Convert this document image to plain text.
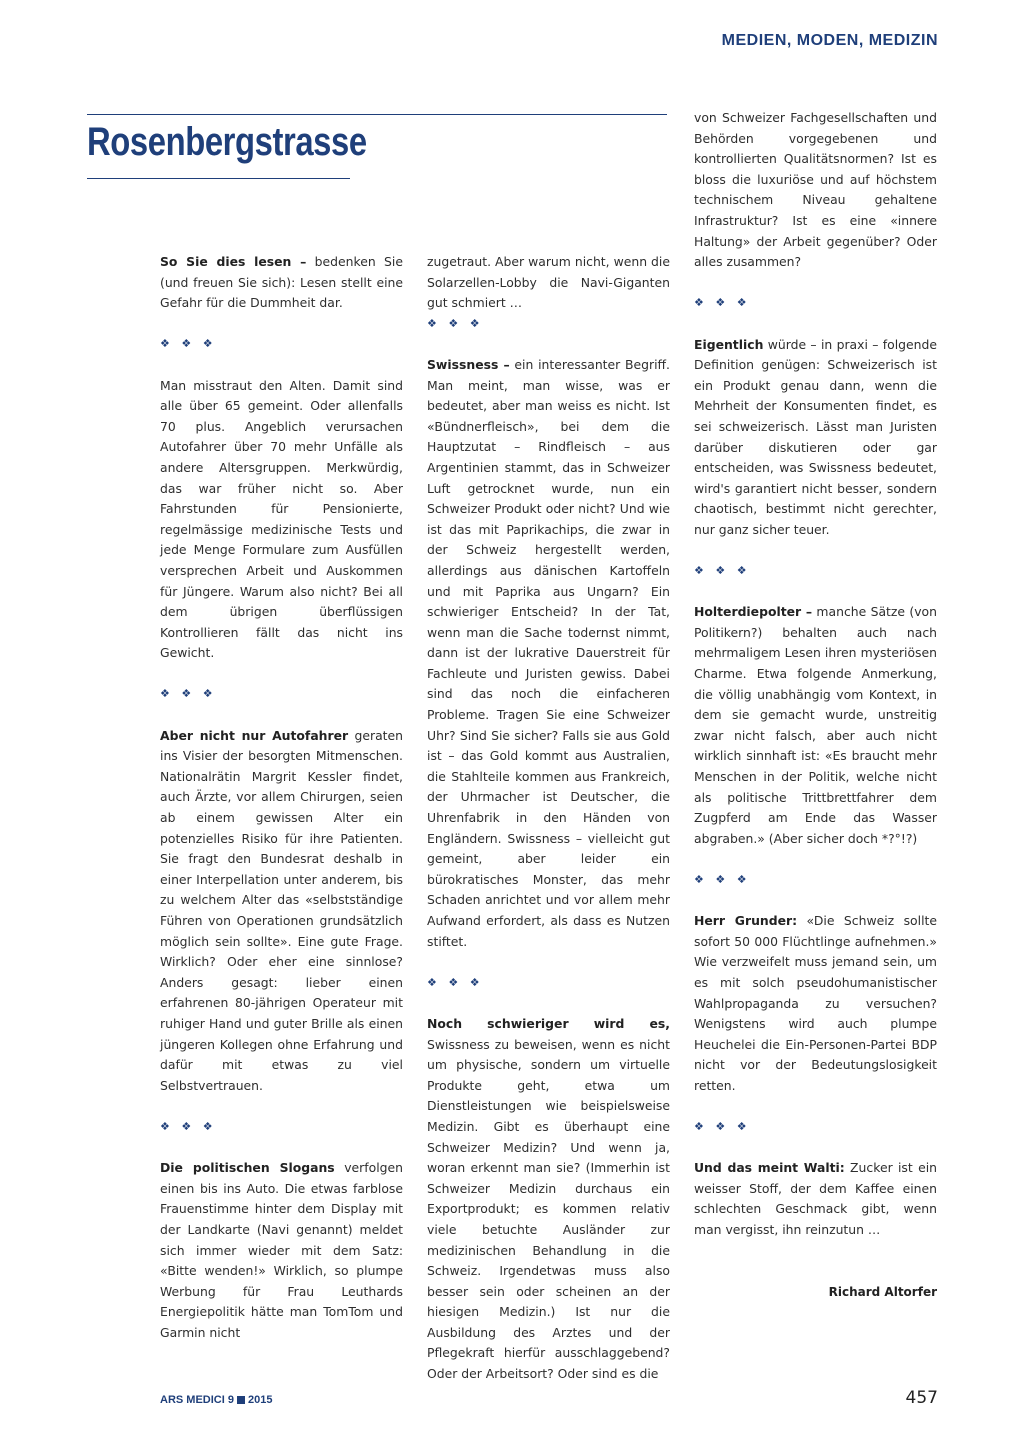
MEDIEN, MODEN, MEDIZIN
Rosenbergstrasse

So Sie dies lesen – bedenken Sie (und freuen Sie sich): Lesen stellt eine Gefahr für die Dummheit dar.

❖ ❖ ❖

Man misstraut den Alten. Damit sind alle über 65 gemeint. Oder allenfalls 70 plus. Angeblich verursachen Autofahrer über 70 mehr Unfälle als andere Altersgruppen. Merkwürdig, das war früher nicht so. Aber Fahrstunden für Pensionierte, regelmässige medizinische Tests und jede Menge Formulare zum Ausfüllen versprechen Arbeit und Auskommen für Jüngere. Warum also nicht? Bei all dem übrigen überflüssigen Kontrollieren fällt das nicht ins Gewicht.

❖ ❖ ❖

Aber nicht nur Autofahrer geraten ins Visier der besorgten Mitmenschen. Nationalrätin Margrit Kessler findet, auch Ärzte, vor allem Chirurgen, seien ab einem gewissen Alter ein potenzielles Risiko für ihre Patienten. Sie fragt den Bundesrat deshalb in einer Interpellation unter anderem, bis zu welchem Alter das «selbstständige Führen von Operationen grundsätzlich möglich sein sollte». Eine gute Frage. Wirklich? Oder eher eine sinnlose? Anders gesagt: lieber einen erfahrenen 80-jährigen Operateur mit ruhiger Hand und guter Brille als einen jüngeren Kollegen ohne Erfahrung und dafür mit etwas zu viel Selbstvertrauen.

❖ ❖ ❖

Die politischen Slogans verfolgen einen bis ins Auto. Die etwas farblose Frauenstimme hinter dem Display mit der Landkarte (Navi genannt) meldet sich immer wieder mit dem Satz: «Bitte wenden!» Wirklich, so plumpe Werbung für Frau Leuthards Energiepolitik hätte man TomTom und Garmin nicht

zugetraut. Aber warum nicht, wenn die Solarzellen-Lobby die Navi-Giganten gut schmiert …

❖ ❖ ❖

Swissness – ein interessanter Begriff. Man meint, man wisse, was er bedeutet, aber man weiss es nicht. Ist «Bündnerfleisch», bei dem die Hauptzutat – Rindfleisch – aus Argentinien stammt, das in Schweizer Luft getrocknet wurde, nun ein Schweizer Produkt oder nicht? Und wie ist das mit Paprikachips, die zwar in der Schweiz hergestellt werden, allerdings aus dänischen Kartoffeln und mit Paprika aus Ungarn? Ein schwieriger Entscheid? In der Tat, wenn man die Sache todernst nimmt, dann ist der lukrative Dauerstreit für Fachleute und Juristen gewiss. Dabei sind das noch die einfacheren Probleme. Tragen Sie eine Schweizer Uhr? Sind Sie sicher? Falls sie aus Gold ist – das Gold kommt aus Australien, die Stahlteile kommen aus Frankreich, der Uhrmacher ist Deutscher, die Uhrenfabrik in den Händen von Engländern. Swissness – vielleicht gut gemeint, aber leider ein bürokratisches Monster, das mehr Schaden anrichtet und vor allem mehr Aufwand erfordert, als dass es Nutzen stiftet.

❖ ❖ ❖

Noch schwieriger wird es, Swissness zu beweisen, wenn es nicht um physische, sondern um virtuelle Produkte geht, etwa um Dienstleistungen wie beispielsweise Medizin. Gibt es überhaupt eine Schweizer Medizin? Und wenn ja, woran erkennt man sie? (Immerhin ist Schweizer Medizin durchaus ein Exportprodukt; es kommen relativ viele betuchte Ausländer zur medizinischen Behandlung in die Schweiz. Irgendetwas muss also besser sein oder scheinen an der hiesigen Medizin.) Ist nur die Ausbildung des Arztes und der Pflegekraft hierfür ausschlaggebend? Oder der Arbeitsort? Oder sind es die

von Schweizer Fachgesellschaften und Behörden vorgegebenen und kontrollierten Qualitätsnormen? Ist es bloss die luxuriöse und auf höchstem technischem Niveau gehaltene Infrastruktur? Ist es eine «innere Haltung» der Arbeit gegenüber? Oder alles zusammen?

❖ ❖ ❖

Eigentlich würde – in praxi – folgende Definition genügen: Schweizerisch ist ein Produkt genau dann, wenn die Mehrheit der Konsumenten findet, es sei schweizerisch. Lässt man Juristen darüber diskutieren oder gar entscheiden, was Swissness bedeutet, wird's garantiert nicht besser, sondern chaotisch, bestimmt nicht gerechter, nur ganz sicher teuer.

❖ ❖ ❖

Holterdiepolter – manche Sätze (von Politikern?) behalten auch nach mehrmaligem Lesen ihren mysteriösen Charme. Etwa folgende Anmerkung, die völlig unabhängig vom Kontext, in dem sie gemacht wurde, unstreitig zwar nicht falsch, aber auch nicht wirklich sinnhaft ist: «Es braucht mehr Menschen in der Politik, welche nicht als politische Trittbrettfahrer dem Zugpferd am Ende das Wasser abgraben.» (Aber sicher doch *?°!?)

❖ ❖ ❖

Herr Grunder: «Die Schweiz sollte sofort 50 000 Flüchtlinge aufnehmen.» Wie verzweifelt muss jemand sein, um es mit solch pseudohumanistischer Wahlpropaganda zu versuchen? Wenigstens wird auch plumpe Heuchelei die Ein-Personen-Partei BDP nicht vor der Bedeutungslosigkeit retten.

❖ ❖ ❖

Und das meint Walti: Zucker ist ein weisser Stoff, der dem Kaffee einen schlechten Geschmack gibt, wenn man vergisst, ihn reinzutun …

Richard Altorfer

ARS MEDICI 9 2015	457
